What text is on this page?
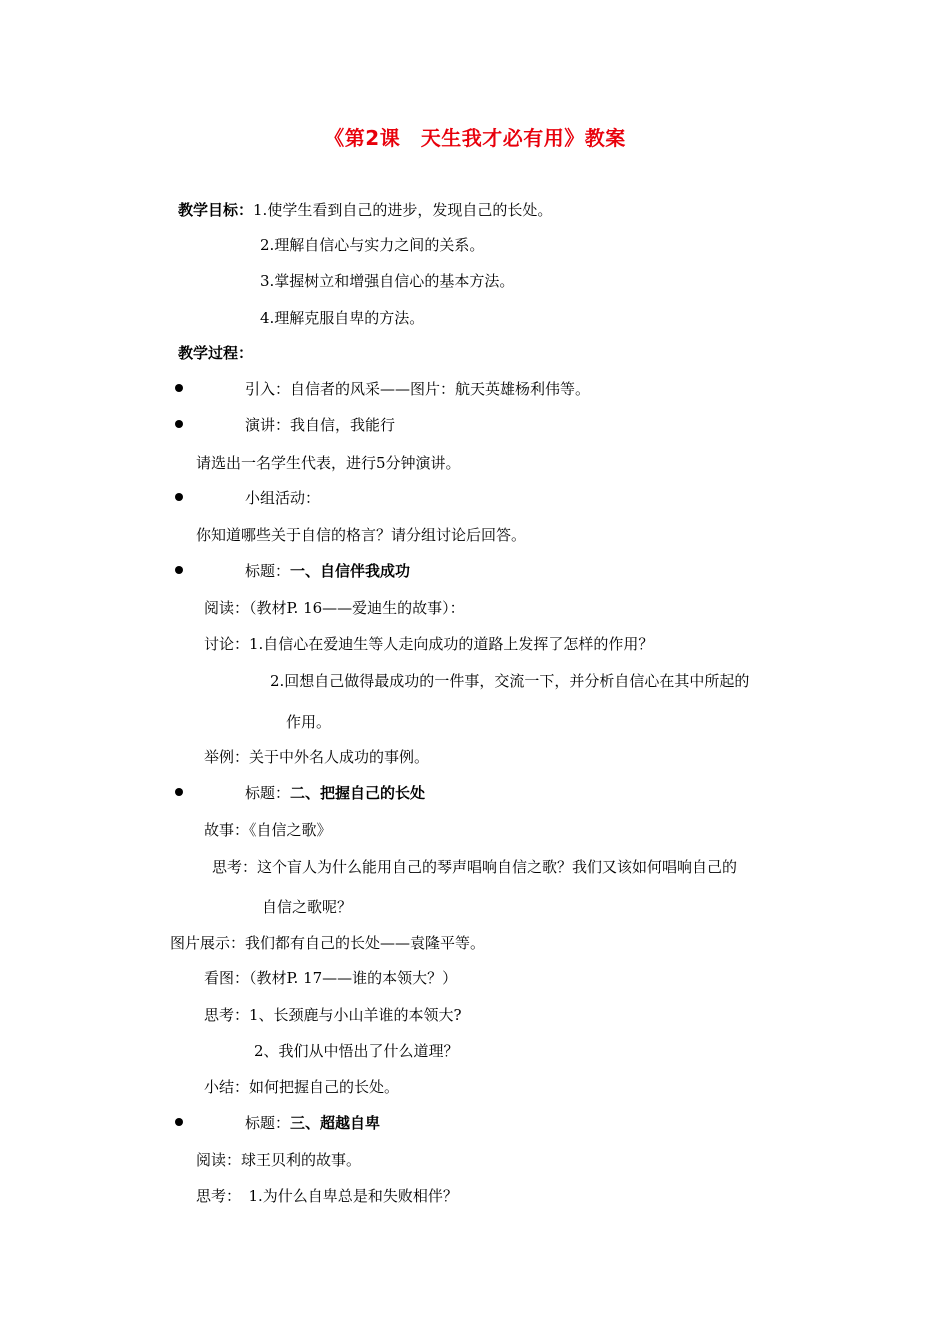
《第2课　天生我才必有用》教案
教学目标：1.使学生看到自己的进步，发现自己的长处。
2.理解自信心与实力之间的关系。
3.掌握树立和增强自信心的基本方法。
4.理解克服自卑的方法。
教学过程：
引入：自信者的风采——图片：航天英雄杨利伟等。
演讲：我自信，我能行
请选出一名学生代表，进行5分钟演讲。
小组活动：
你知道哪些关于自信的格言？请分组讨论后回答。
标题：一、自信伴我成功
阅读：（教材P. 16——爱迪生的故事）：
讨论：1.自信心在爱迪生等人走向成功的道路上发挥了怎样的作用？
2.回想自己做得最成功的一件事，交流一下，并分析自信心在其中所起的
作用。
举例：关于中外名人成功的事例。
标题：二、把握自己的长处
故事：《自信之歌》
思考：这个盲人为什么能用自己的琴声唱响自信之歌？我们又该如何唱响自己的
自信之歌呢？
图片展示：我们都有自己的长处——袁隆平等。
看图：（教材P. 17——谁的本领大？）
思考：1、长颈鹿与小山羊谁的本领大?
2、我们从中悟出了什么道理？
小结：如何把握自己的长处。
标题：三、超越自卑
阅读：球王贝利的故事。
思考：　1.为什么自卑总是和失败相伴？
